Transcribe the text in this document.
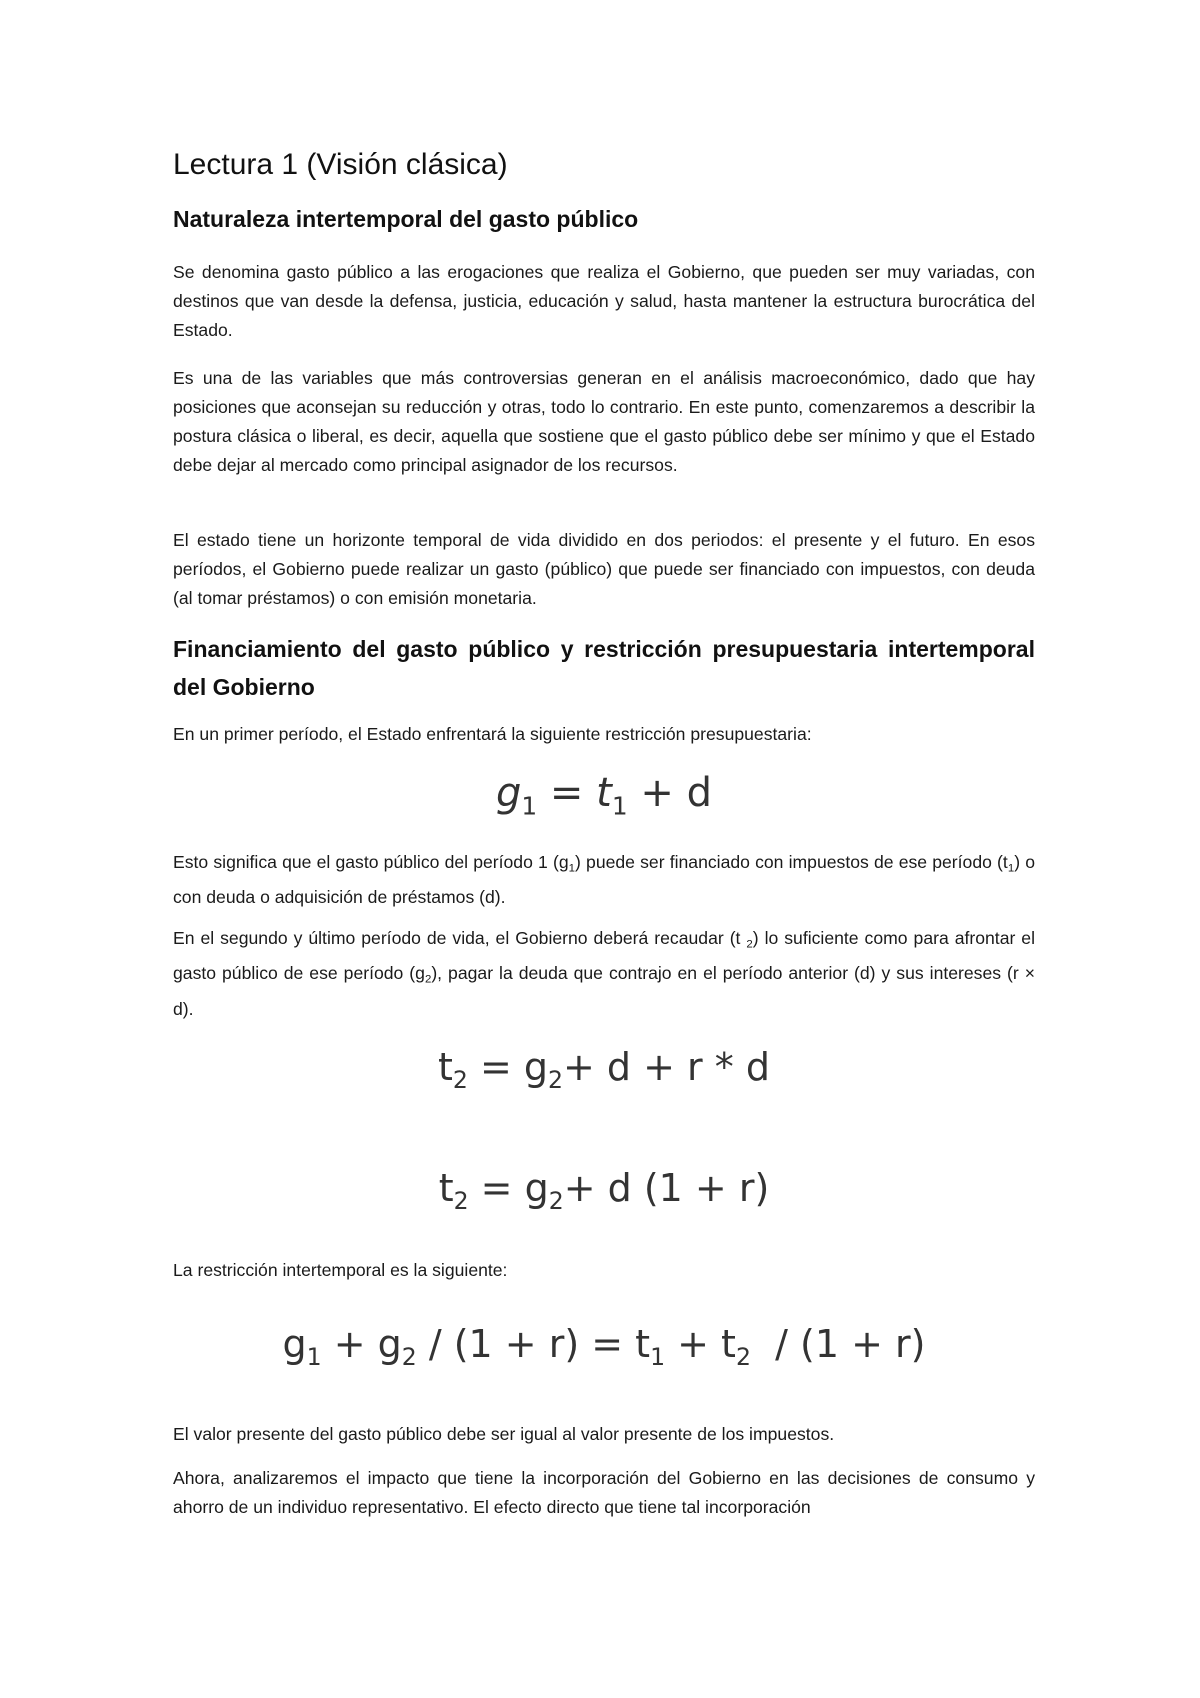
Lectura 1 (Visión clásica)
Naturaleza intertemporal del gasto público

Se denomina gasto público a las erogaciones que realiza el Gobierno, que pueden ser muy variadas, con destinos que van desde la defensa, justicia, educación y salud, hasta mantener la estructura burocrática del Estado.

Es una de las variables que más controversias generan en el análisis macroeconómico, dado que hay posiciones que aconsejan su reducción y otras, todo lo contrario. En este punto, comenzaremos a describir la postura clásica o liberal, es decir, aquella que sostiene que el gasto público debe ser mínimo y que el Estado debe dejar al mercado como principal asignador de los recursos.

El estado tiene un horizonte temporal de vida dividido en dos periodos: el presente y el futuro. En esos períodos, el Gobierno puede realizar un gasto (público) que puede ser financiado con impuestos, con deuda (al tomar préstamos) o con emisión monetaria.

Financiamiento del gasto público y restricción presupuestaria intertemporal del Gobierno

En un primer período, el Estado enfrentará la siguiente restricción presupuestaria:

$g_1 = t_1 + d$

Esto significa que el gasto público del período 1 $(g_1)$ puede ser financiado con impuestos de ese período $(t_1)$ o con deuda o adquisición de préstamos (d).

En el segundo y último período de vida, el Gobierno deberá recaudar (t $_2$) lo suficiente como para afrontar el gasto público de ese período $(g_2)$, pagar la deuda que contrajo en el período anterior (d) y sus intereses (r × d).

$t_2 = g_2+ d + r * d$
$t_2 = g_2+ d$ (1 + r)

La restricción intertemporal es la siguiente:

$g_1 + g_2 / (1 + r) = t_1 + t_2 / (1 + r)$

El valor presente del gasto público debe ser igual al valor presente de los impuestos.

Ahora, analizaremos el impacto que tiene la incorporación del Gobierno en las decisiones de consumo y ahorro de un individuo representativo. El efecto directo que tiene tal incorporación
